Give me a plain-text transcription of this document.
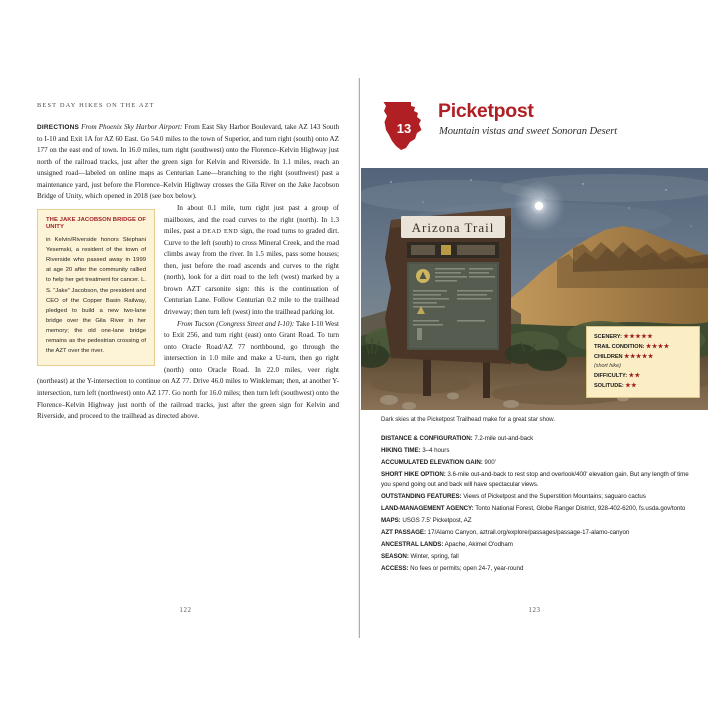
BEST DAY HIKES ON THE AZT

DIRECTIONS From Phoenix Sky Harbor Airport: From East Sky Harbor Boulevard, take AZ 143 South to I-10 and Exit 1A for AZ 60 East. Go 54.0 miles to the town of Superior, and turn right (south) onto AZ 177 on the east end of town. In 16.0 miles, turn right (southwest) onto the Florence–Kelvin Highway just north of the railroad tracks, just after the green sign for Kelvin and Riverside. In 1.1 miles, reach an unsigned road—labeled on online maps as Centurian Lane—branching to the right (southwest) past a maintenance yard, just before the Florence–Kelvin Highway crosses the Gila River on the Jake Jacobson Bridge of Unity, which opened in 2018 (see box below).

THE JAKE JACOBSON BRIDGE OF UNITY
in Kelvin/Riverside honors Stephani Yesemski, a resident of the town of Riverside who passed away in 1999 at age 20 after the community rallied to help her get treatment for cancer. L. S. “Jake” Jacobson, the president and CEO of the Copper Basin Railway, pledged to build a new two-lane bridge over the Gila River in her memory; the old one-lane bridge remains as the pedestrian crossing of the AZT over the river.

In about 0.1 mile, turn right just past a group of mailboxes, and the road curves to the right (north). In 1.3 miles, past a DEAD END sign, the road turns to graded dirt. Curve to the left (south) to cross Mineral Creek, and the road climbs away from the river. In 1.5 miles, pass some houses; then, just before the road ascends and curves to the right (north), look for a dirt road to the left (west) marked by a brown AZT carsonite sign: this is the continuation of Centurian Lane. Follow Centurian 0.2 mile to the trailhead driveway; then turn left (west) into the trailhead parking lot.

From Tucson (Congress Street and I-10): Take I-10 West to Exit 256, and turn right (east) onto Grant Road. To turn onto Oracle Road/AZ 77 northbound, go through the intersection in 1.0 mile and make a U-turn, then go right (north) onto Oracle Road. In 22.0 miles, veer right (northeast) at the Y-intersection to continue on AZ 77. Drive 46.0 miles to Winkleman; then, at another Y-intersection, turn left (northwest) onto AZ 177. Go north for 16.0 miles; then turn left (southwest) onto the Florence–Kelvin Highway just north of the railroad tracks, just after the green sign for Kelvin and Riverside, and proceed to the trailhead as directed above.

122
13
Picketpost
Mountain vistas and sweet Sonoran Desert
Arizona Trail
SCENERY: ★★★★★
TRAIL CONDITION: ★★★★
CHILDREN ★★★★★
(short hike)
DIFFICULTY: ★★
SOLITUDE: ★★
Dark skies at the Picketpost Trailhead make for a great star show.
DISTANCE & CONFIGURATION: 7.2-mile out-and-back
HIKING TIME: 3–4 hours
ACCUMULATED ELEVATION GAIN: 900'
SHORT HIKE OPTION: 3.6-mile out-and-back to rest stop and overlook/400' elevation gain. But any length of time you spend going out and back will have spectacular views.
OUTSTANDING FEATURES: Views of Picketpost and the Superstition Mountains; saguaro cactus
LAND-MANAGEMENT AGENCY: Tonto National Forest, Globe Ranger District, 928-402-6200, fs.usda.gov/tonto
MAPS: USGS 7.5' Picketpost, AZ
AZT PASSAGE: 17/Alamo Canyon, aztrail.org/explore/passages/passage-17-alamo-canyon
ANCESTRAL LANDS: Apache, Akimel O'odham
SEASON: Winter, spring, fall
ACCESS: No fees or permits; open 24-7, year-round
123
